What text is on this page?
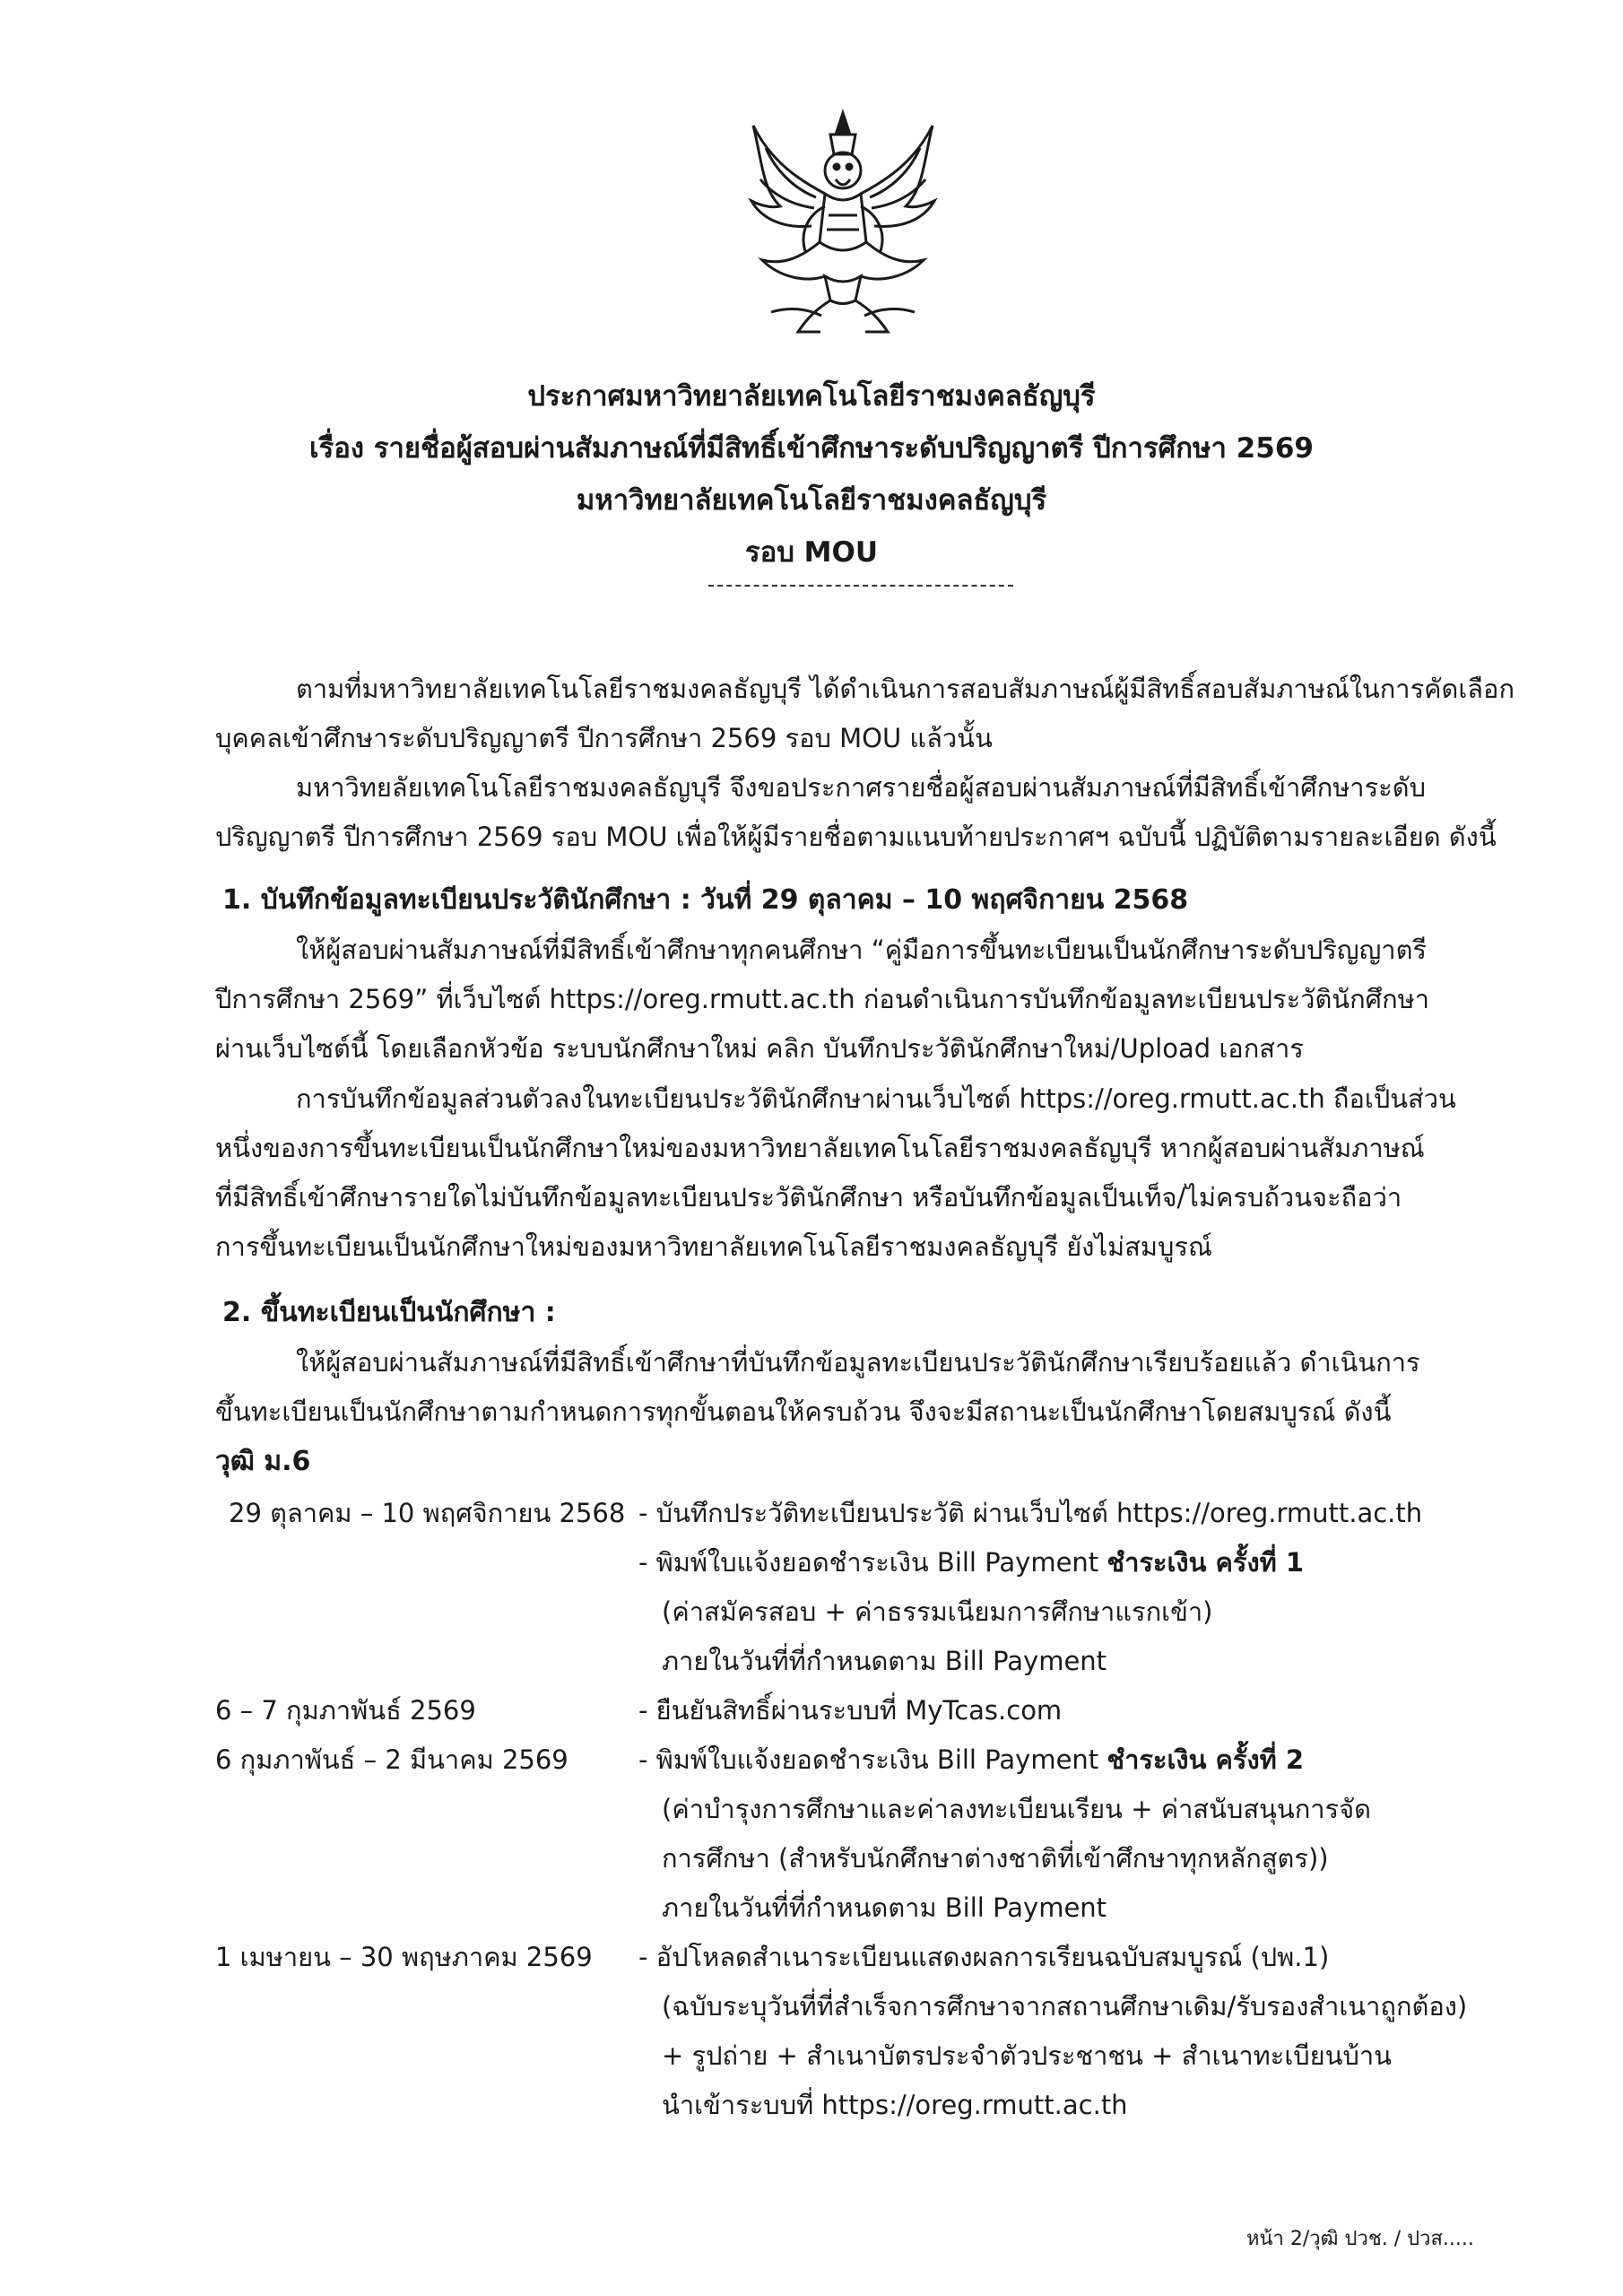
ประกาศมหาวิทยาลัยเทคโนโลยีราชมงคลธัญบุรี
เรื่อง รายชื่อผู้สอบผ่านสัมภาษณ์ที่มีสิทธิ์เข้าศึกษาระดับปริญญาตรี ปีการศึกษา 2569
มหาวิทยาลัยเทคโนโลยีราชมงคลธัญบุรี
รอบ MOU
ตามที่มหาวิทยาลัยเทคโนโลยีราชมงคลธัญบุรี ได้ดำเนินการสอบสัมภาษณ์ผู้มีสิทธิ์สอบสัมภาษณ์ในการคัดเลือก
บุคคลเข้าศึกษาระดับปริญญาตรี ปีการศึกษา 2569 รอบ MOU แล้วนั้น
มหาวิทยลัยเทคโนโลยีราชมงคลธัญบุรี จึงขอประกาศรายชื่อผู้สอบผ่านสัมภาษณ์ที่มีสิทธิ์เข้าศึกษาระดับ
ปริญญาตรี ปีการศึกษา 2569 รอบ MOU เพื่อให้ผู้มีรายชื่อตามแนบท้ายประกาศฯ ฉบับนี้ ปฏิบัติตามรายละเอียด ดังนี้
1. บันทึกข้อมูลทะเบียนประวัตินักศึกษา : วันที่ 29 ตุลาคม – 10 พฤศจิกายน 2568
ให้ผู้สอบผ่านสัมภาษณ์ที่มีสิทธิ์เข้าศึกษาทุกคนศึกษา “คู่มือการขึ้นทะเบียนเป็นนักศึกษาระดับปริญญาตรี
ปีการศึกษา 2569” ที่เว็บไซต์ https://oreg.rmutt.ac.th ก่อนดำเนินการบันทึกข้อมูลทะเบียนประวัตินักศึกษา
ผ่านเว็บไซต์นี้ โดยเลือกหัวข้อ ระบบนักศึกษาใหม่ คลิก บันทึกประวัตินักศึกษาใหม่/Upload เอกสาร
การบันทึกข้อมูลส่วนตัวลงในทะเบียนประวัตินักศึกษาผ่านเว็บไซต์ https://oreg.rmutt.ac.th ถือเป็นส่วน
หนึ่งของการขึ้นทะเบียนเป็นนักศึกษาใหม่ของมหาวิทยาลัยเทคโนโลยีราชมงคลธัญบุรี หากผู้สอบผ่านสัมภาษณ์
ที่มีสิทธิ์เข้าศึกษารายใดไม่บันทึกข้อมูลทะเบียนประวัตินักศึกษา หรือบันทึกข้อมูลเป็นเท็จ/ไม่ครบถ้วนจะถือว่า
การขึ้นทะเบียนเป็นนักศึกษาใหม่ของมหาวิทยาลัยเทคโนโลยีราชมงคลธัญบุรี ยังไม่สมบูรณ์
2. ขึ้นทะเบียนเป็นนักศึกษา :
ให้ผู้สอบผ่านสัมภาษณ์ที่มีสิทธิ์เข้าศึกษาที่บันทึกข้อมูลทะเบียนประวัตินักศึกษาเรียบร้อยแล้ว ดำเนินการ
ขึ้นทะเบียนเป็นนักศึกษาตามกำหนดการทุกขั้นตอนให้ครบถ้วน จึงจะมีสถานะเป็นนักศึกษาโดยสมบูรณ์ ดังนี้
วุฒิ ม.6
29 ตุลาคม – 10 พฤศจิกายน 2568 - บันทึกประวัติทะเบียนประวัติ ผ่านเว็บไซต์ https://oreg.rmutt.ac.th
- พิมพ์ใบแจ้งยอดชำระเงิน Bill Payment ชำระเงิน ครั้งที่ 1
(ค่าสมัครสอบ + ค่าธรรมเนียมการศึกษาแรกเข้า)
ภายในวันที่ที่กำหนดตาม Bill Payment
6 – 7 กุมภาพันธ์ 2569	- ยืนยันสิทธิ์ผ่านระบบที่ MyTcas.com
6 กุมภาพันธ์ – 2 มีนาคม 2569	- พิมพ์ใบแจ้งยอดชำระเงิน Bill Payment ชำระเงิน ครั้งที่ 2
(ค่าบำรุงการศึกษาและค่าลงทะเบียนเรียน + ค่าสนับสนุนการจัด
การศึกษา (สำหรับนักศึกษาต่างชาติที่เข้าศึกษาทุกหลักสูตร))
ภายในวันที่ที่กำหนดตาม Bill Payment
1 เมษายน – 30 พฤษภาคม 2569 - อัปโหลดสำเนาระเบียนแสดงผลการเรียนฉบับสมบูรณ์ (ปพ.1)
(ฉบับระบุวันที่ที่สำเร็จการศึกษาจากสถานศึกษาเดิม/รับรองสำเนาถูกต้อง)
+ รูปถ่าย + สำเนาบัตรประจำตัวประชาชน + สำเนาทะเบียนบ้าน
นำเข้าระบบที่ https://oreg.rmutt.ac.th
หน้า 2/วุฒิ ปวช. / ปวส.....
